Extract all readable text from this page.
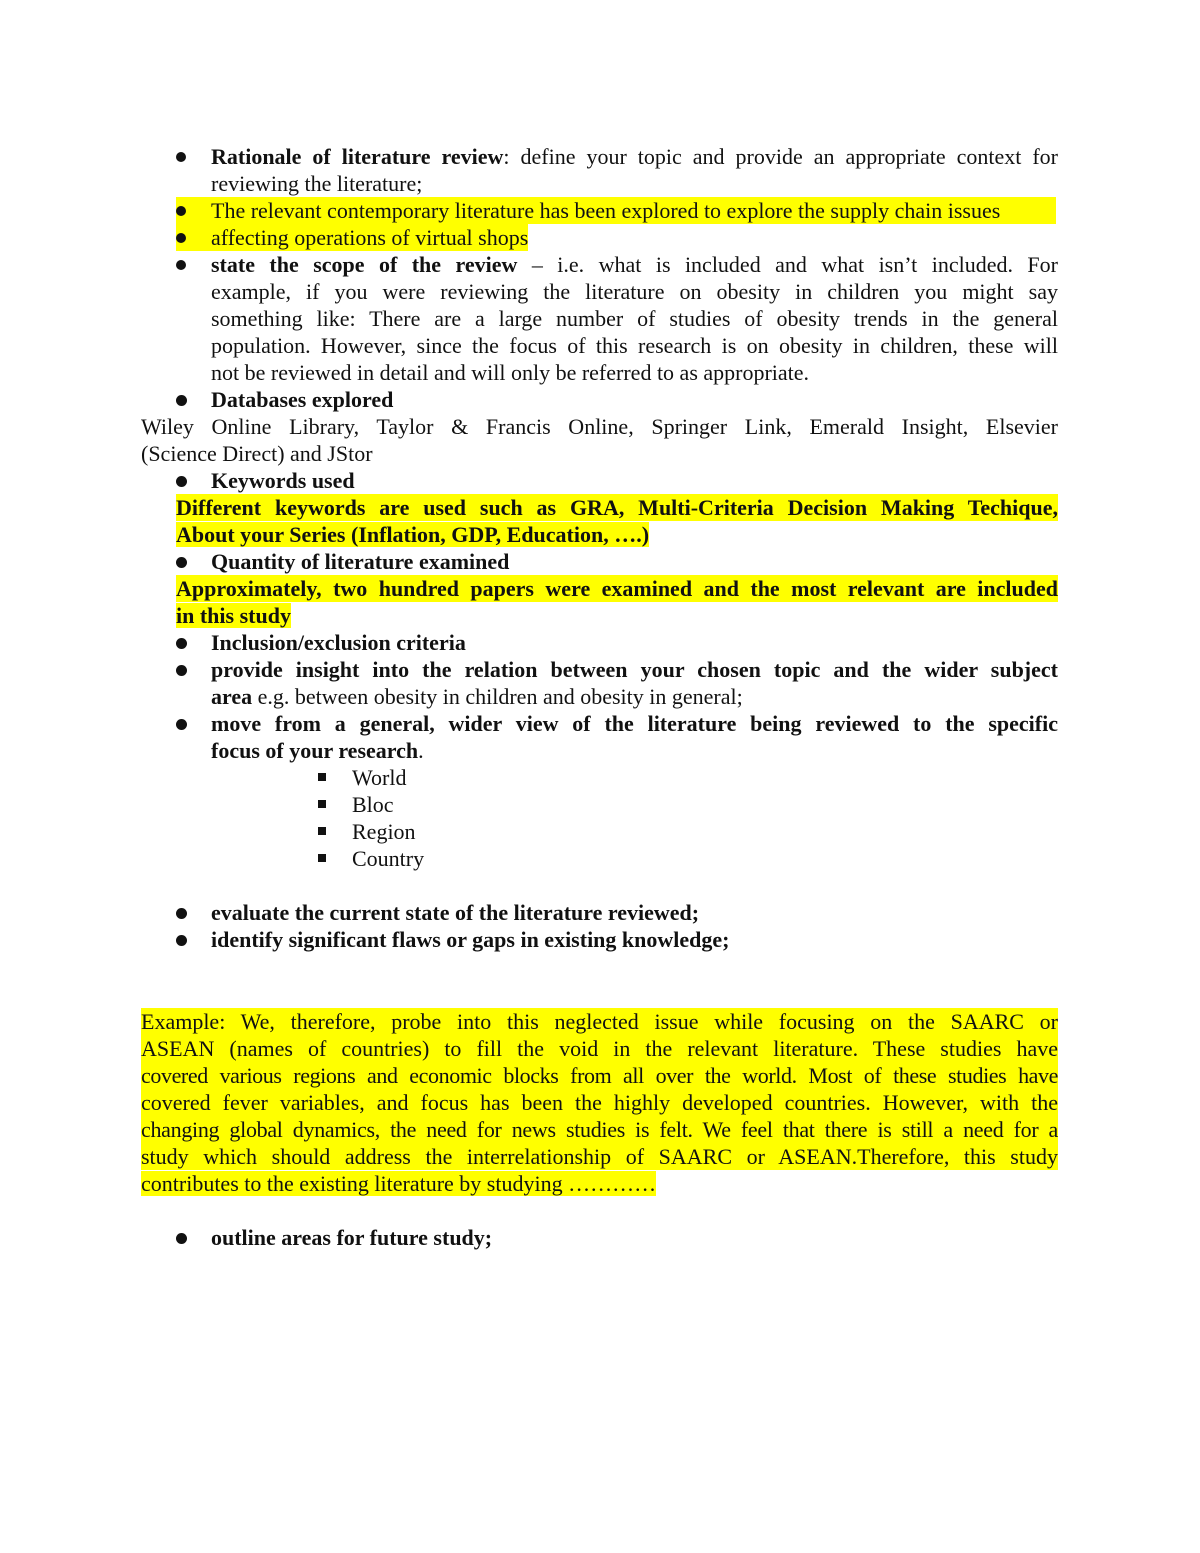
Rationale of literature review: define your topic and provide an appropriate context for
reviewing the literature;
The relevant contemporary literature has been explored to explore the supply chain issues
affecting operations of virtual shops
state the scope of the review – i.e. what is included and what isn’t included. For
example, if you were reviewing the literature on obesity in children you might say
something like: There are a large number of studies of obesity trends in the general
population. However, since the focus of this research is on obesity in children, these will
not be reviewed in detail and will only be referred to as appropriate.
Databases explored
Wiley Online Library, Taylor & Francis Online, Springer Link, Emerald Insight, Elsevier
(Science Direct) and JStor
Keywords used
Different keywords are used such as GRA, Multi-Criteria Decision Making Techique,
About your Series (Inflation, GDP, Education, ….)
Quantity of literature examined
Approximately, two hundred papers were examined and the most relevant are included
in this study
Inclusion/exclusion criteria
provide insight into the relation between your chosen topic and the wider subject
area e.g. between obesity in children and obesity in general;
move from a general, wider view of the literature being reviewed to the specific
focus of your research.
World
Bloc
Region
Country
evaluate the current state of the literature reviewed;
identify significant flaws or gaps in existing knowledge;
Example: We, therefore, probe into this neglected issue while focusing on the SAARC or
ASEAN (names of countries) to fill the void in the relevant literature. These studies have
covered various regions and economic blocks from all over the world. Most of these studies have
covered fever variables, and focus has been the highly developed countries. However, with the
changing global dynamics, the need for news studies is felt. We feel that there is still a need for a
study which should address the interrelationship of SAARC or ASEAN.Therefore, this study
contributes to the existing literature by studying …………
outline areas for future study;
